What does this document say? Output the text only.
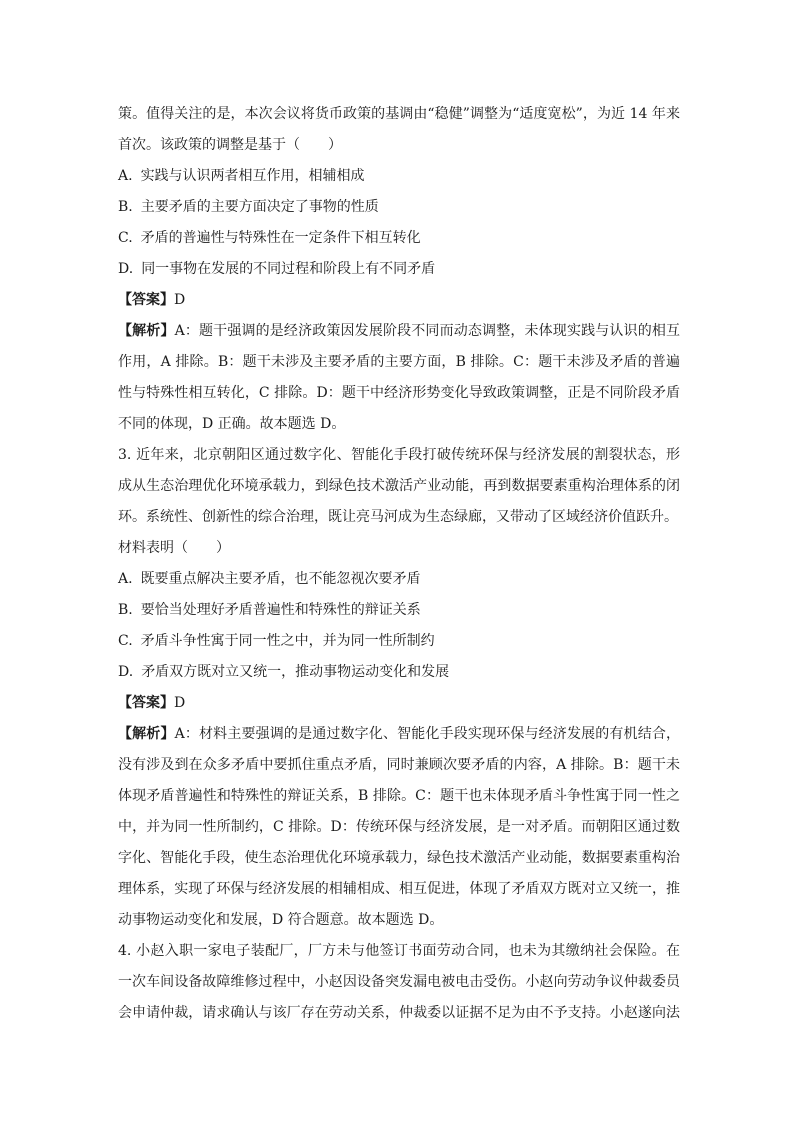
策。值得关注的是，本次会议将货币政策的基调由“稳健”调整为“适度宽松”，为近 14 年来
首次。该政策的调整是基于（　　）
A. 实践与认识两者相互作用，相辅相成
B. 主要矛盾的主要方面决定了事物的性质
C. 矛盾的普遍性与特殊性在一定条件下相互转化
D. 同一事物在发展的不同过程和阶段上有不同矛盾
【答案】D
【解析】A：题干强调的是经济政策因发展阶段不同而动态调整，未体现实践与认识的相互
作用，A 排除。B：题干未涉及主要矛盾的主要方面，B 排除。C：题干未涉及矛盾的普遍
性与特殊性相互转化，C 排除。D：题干中经济形势变化导致政策调整，正是不同阶段矛盾
不同的体现，D 正确。故本题选 D。
3. 近年来，北京朝阳区通过数字化、智能化手段打破传统环保与经济发展的割裂状态，形
成从生态治理优化环境承载力，到绿色技术激活产业动能，再到数据要素重构治理体系的闭
环。系统性、创新性的综合治理，既让亮马河成为生态绿廊，又带动了区域经济价值跃升。
材料表明（　　）
A. 既要重点解决主要矛盾，也不能忽视次要矛盾
B. 要恰当处理好矛盾普遍性和特殊性的辩证关系
C. 矛盾斗争性寓于同一性之中，并为同一性所制约
D. 矛盾双方既对立又统一，推动事物运动变化和发展
【答案】D
【解析】A：材料主要强调的是通过数字化、智能化手段实现环保与经济发展的有机结合，
没有涉及到在众多矛盾中要抓住重点矛盾，同时兼顾次要矛盾的内容，A 排除。B：题干未
体现矛盾普遍性和特殊性的辩证关系，B 排除。C：题干也未体现矛盾斗争性寓于同一性之
中，并为同一性所制约，C 排除。D：传统环保与经济发展，是一对矛盾。而朝阳区通过数
字化、智能化手段，使生态治理优化环境承载力，绿色技术激活产业动能，数据要素重构治
理体系，实现了环保与经济发展的相辅相成、相互促进，体现了矛盾双方既对立又统一，推
动事物运动变化和发展，D 符合题意。故本题选 D。
4. 小赵入职一家电子装配厂，厂方未与他签订书面劳动合同，也未为其缴纳社会保险。在
一次车间设备故障维修过程中，小赵因设备突发漏电被电击受伤。小赵向劳动争议仲裁委员
会申请仲裁，请求确认与该厂存在劳动关系，仲裁委以证据不足为由不予支持。小赵遂向法
